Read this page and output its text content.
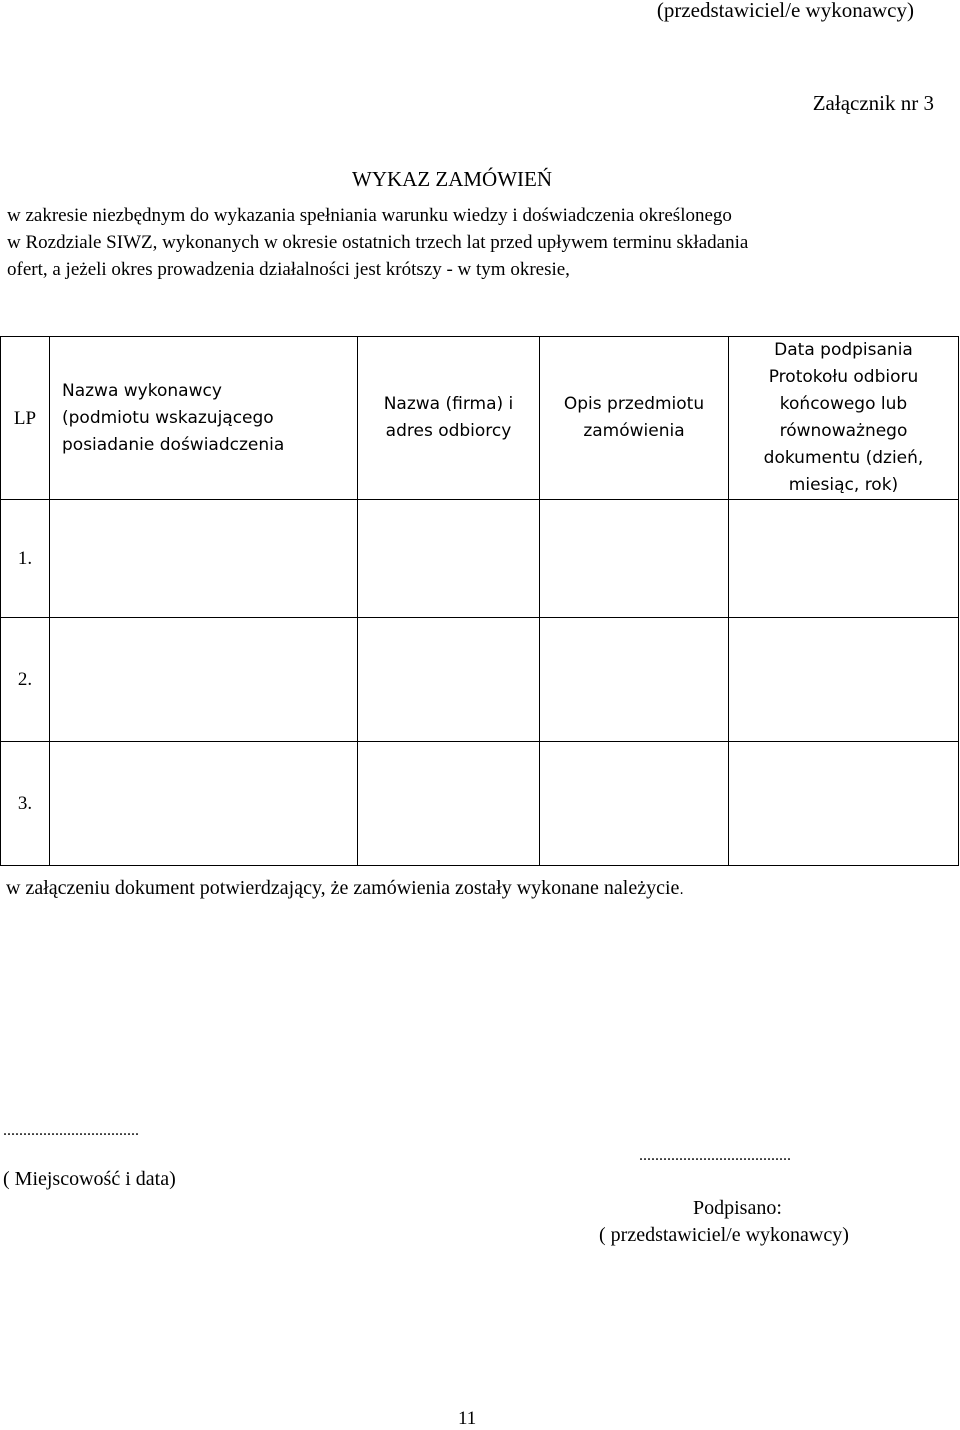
(przedstawiciel/e wykonawcy)
Załącznik nr 3
WYKAZ ZAMÓWIEŃ
w zakresie niezbędnym do wykazania spełniania warunku wiedzy i doświadczenia określonego
w Rozdziale SIWZ, wykonanych w okresie ostatnich trzech lat przed upływem terminu składania
ofert, a jeżeli okres prowadzenia działalności jest krótszy - w tym okresie,
LP	Nazwa wykonawcy (podmiotu wskazującego posiadanie doświadczenia	Nazwa (firma) i adres odbiorcy	Opis przedmiotu zamówienia	Data podpisania Protokołu odbioru końcowego lub równoważnego dokumentu (dzień, miesiąc, rok)

1.				
2.				
3.				
w załączeniu dokument potwierdzający, że zamówienia zostały wykonane należycie.
..................................
( Miejscowość i data)
......................................
Podpisano:
( przedstawiciel/e wykonawcy)
11
